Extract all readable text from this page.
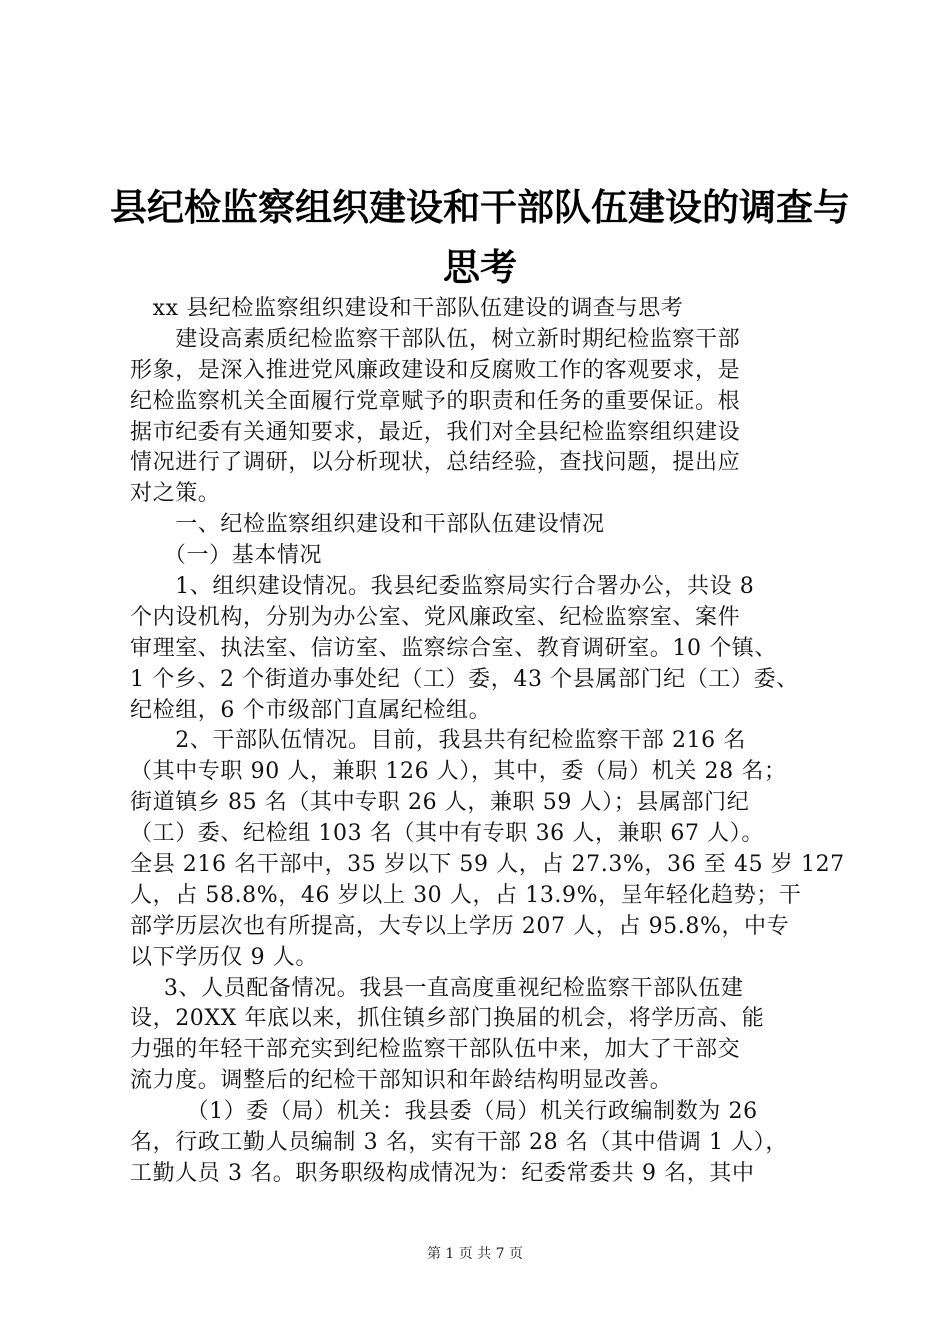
县纪检监察组织建设和干部队伍建设的调查与
思考
xx 县纪检监察组织建设和干部队伍建设的调查与思考
建设高素质纪检监察干部队伍，树立新时期纪检监察干部
形象，是深入推进党风廉政建设和反腐败工作的客观要求，是
纪检监察机关全面履行党章赋予的职责和任务的重要保证。根
据市纪委有关通知要求，最近，我们对全县纪检监察组织建设
情况进行了调研，以分析现状，总结经验，查找问题，提出应
对之策。
一、纪检监察组织建设和干部队伍建设情况
（一）基本情况
1、组织建设情况。我县纪委监察局实行合署办公，共设 8
个内设机构，分别为办公室、党风廉政室、纪检监察室、案件
审理室、执法室、信访室、监察综合室、教育调研室。10 个镇、
1 个乡、2 个街道办事处纪（工）委，43 个县属部门纪（工）委、
纪检组，6 个市级部门直属纪检组。
2、干部队伍情况。目前，我县共有纪检监察干部 216 名
（其中专职 90 人，兼职 126 人），其中，委（局）机关 28 名；
街道镇乡 85 名（其中专职 26 人，兼职 59 人）；县属部门纪
（工）委、纪检组 103 名（其中有专职 36 人，兼职 67 人）。
全县 216 名干部中，35 岁以下 59 人，占 27.3%，36 至 45 岁 127
人，占 58.8%，46 岁以上 30 人，占 13.9%，呈年轻化趋势；干
部学历层次也有所提高，大专以上学历 207 人，占 95.8%，中专
以下学历仅 9 人。
3、人员配备情况。我县一直高度重视纪检监察干部队伍建
设，20XX 年底以来，抓住镇乡部门换届的机会，将学历高、能
力强的年轻干部充实到纪检监察干部队伍中来，加大了干部交
流力度。调整后的纪检干部知识和年龄结构明显改善。
（1）委（局）机关：我县委（局）机关行政编制数为 26
名，行政工勤人员编制 3 名，实有干部 28 名（其中借调 1 人），
工勤人员 3 名。职务职级构成情况为：纪委常委共 9 名，其中
第 1 页 共 7 页
